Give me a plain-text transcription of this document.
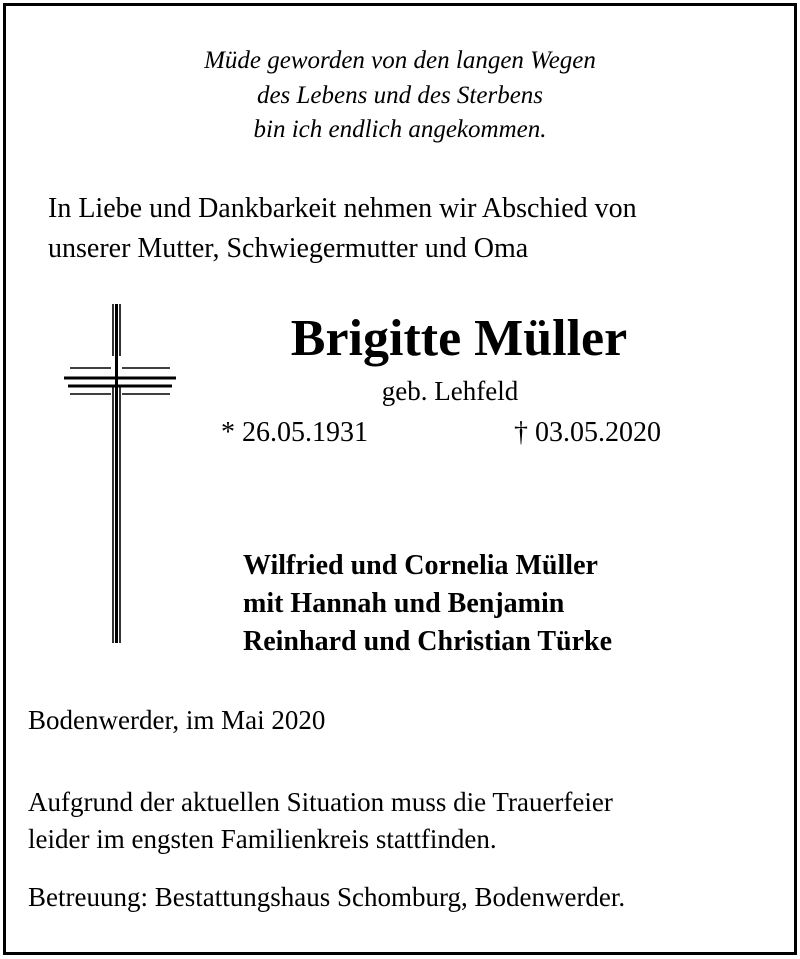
Müde geworden von den langen Wegen
des Lebens und des Sterbens
bin ich endlich angekommen.

In Liebe und Dankbarkeit nehmen wir Abschied von
unserer Mutter, Schwiegermutter und Oma

Brigitte Müller

geb. Lehfeld

* 26.05.1931	† 03.05.2020

Wilfried und Cornelia Müller
mit Hannah und Benjamin
Reinhard und Christian Türke

Bodenwerder, im Mai 2020

Aufgrund der aktuellen Situation muss die Trauerfeier
leider im engsten Familienkreis stattfinden.

Betreuung: Bestattungshaus Schomburg, Bodenwerder.
